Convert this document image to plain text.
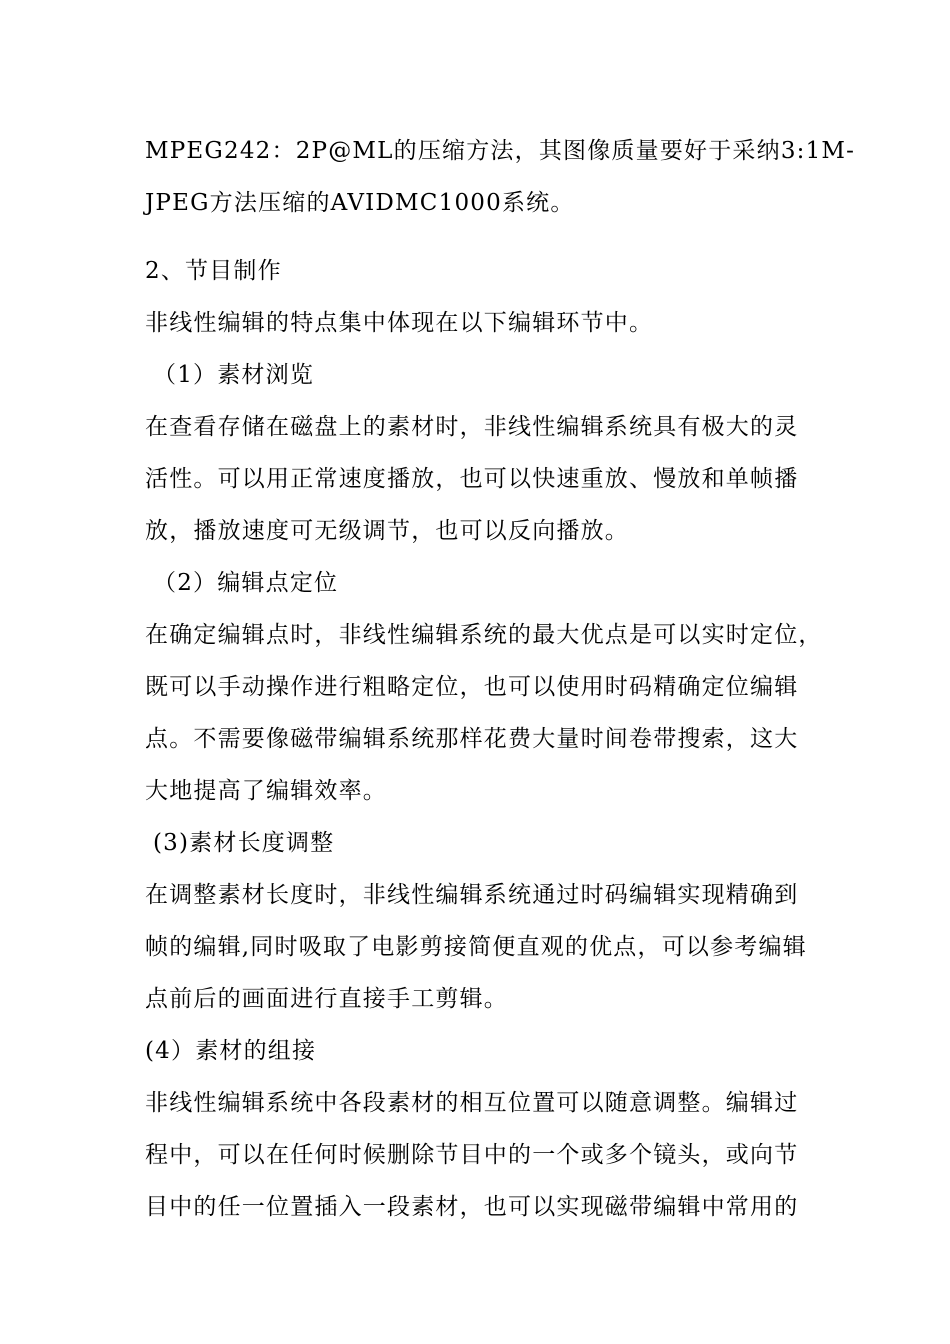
MPEG242：2P@ML的压缩方法，其图像质量要好于采纳3:1M-
JPEG方法压缩的AVIDMC1000系统。
2、节目制作
非线性编辑的特点集中体现在以下编辑环节中。
（1）素材浏览
在查看存储在磁盘上的素材时，非线性编辑系统具有极大的灵
活性。可以用正常速度播放，也可以快速重放、慢放和单帧播
放，播放速度可无级调节，也可以反向播放。
（2）编辑点定位
在确定编辑点时，非线性编辑系统的最大优点是可以实时定位，
既可以手动操作进行粗略定位，也可以使用时码精确定位编辑
点。不需要像磁带编辑系统那样花费大量时间卷带搜索，这大
大地提高了编辑效率。
(3)素材长度调整
在调整素材长度时，非线性编辑系统通过时码编辑实现精确到
帧的编辑,同时吸取了电影剪接简便直观的优点，可以参考编辑
点前后的画面进行直接手工剪辑。
(4）素材的组接
非线性编辑系统中各段素材的相互位置可以随意调整。编辑过
程中，可以在任何时候删除节目中的一个或多个镜头，或向节
目中的任一位置插入一段素材，也可以实现磁带编辑中常用的
